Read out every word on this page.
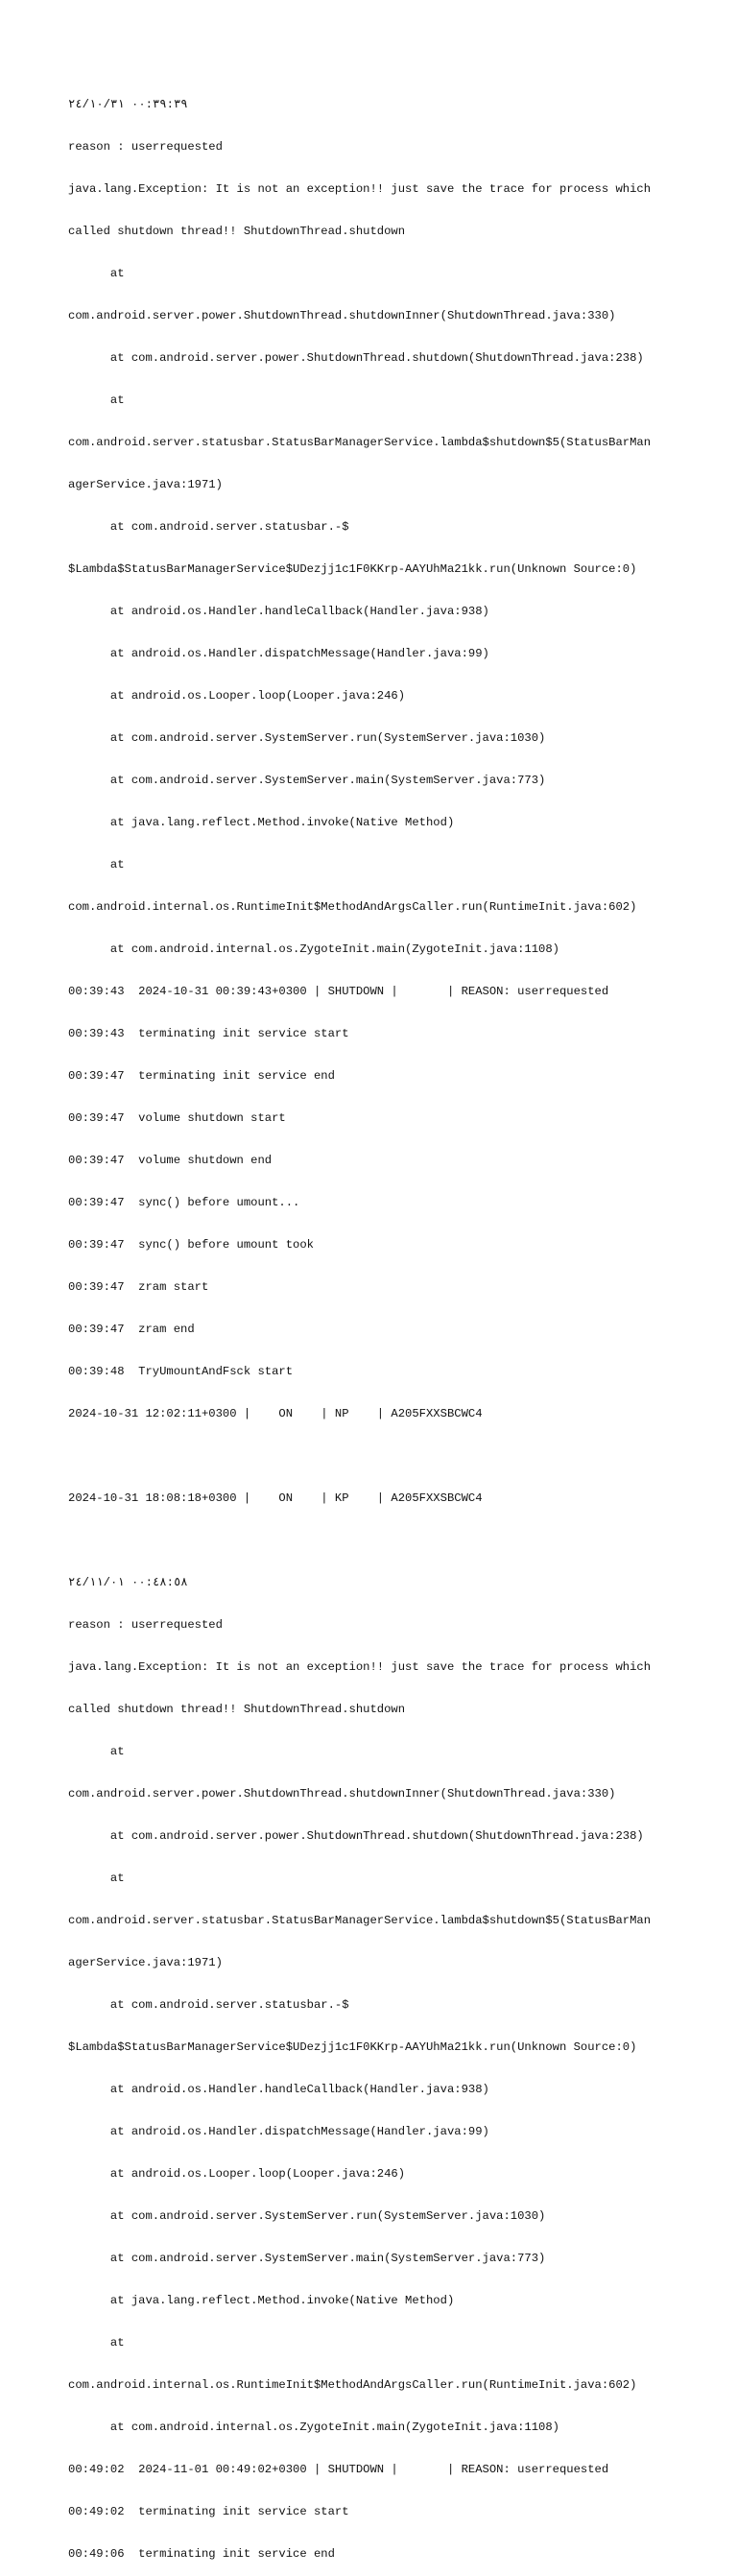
٠٠:٣٩:٣٩ ٢٤/١٠/٣١

reason : userrequested

java.lang.Exception: It is not an exception!! just save the trace for process which

called shutdown thread!! ShutdownThread.shutdown

at

com.android.server.power.ShutdownThread.shutdownInner(ShutdownThread.java:330)

at com.android.server.power.ShutdownThread.shutdown(ShutdownThread.java:238)

at

com.android.server.statusbar.StatusBarManagerService.lambda$shutdown$5(StatusBarMan

agerService.java:1971)

at com.android.server.statusbar.-$

$Lambda$StatusBarManagerService$UDezjj1c1F0KKrp-AAYUhMa21kk.run(Unknown Source:0)

at android.os.Handler.handleCallback(Handler.java:938)

at android.os.Handler.dispatchMessage(Handler.java:99)

at android.os.Looper.loop(Looper.java:246)

at com.android.server.SystemServer.run(SystemServer.java:1030)

at com.android.server.SystemServer.main(SystemServer.java:773)

at java.lang.reflect.Method.invoke(Native Method)

at

com.android.internal.os.RuntimeInit$MethodAndArgsCaller.run(RuntimeInit.java:602)

at com.android.internal.os.ZygoteInit.main(ZygoteInit.java:1108)

00:39:43  2024-10-31 00:39:43+0300 | SHUTDOWN |       | REASON: userrequested

00:39:43  terminating init service start

00:39:47  terminating init service end

00:39:47  volume shutdown start

00:39:47  volume shutdown end

00:39:47  sync() before umount...

00:39:47  sync() before umount took

00:39:47  zram start

00:39:47  zram end

00:39:48  TryUmountAndFsck start

2024-10-31 12:02:11+0300 |    ON    | NP    | A205FXXSBCWC4

2024-10-31 18:08:18+0300 |    ON    | KP    | A205FXXSBCWC4

٠٠:٤٨:٥٨ ٢٤/١١/٠١

reason : userrequested

java.lang.Exception: It is not an exception!! just save the trace for process which

called shutdown thread!! ShutdownThread.shutdown

at

com.android.server.power.ShutdownThread.shutdownInner(ShutdownThread.java:330)

at com.android.server.power.ShutdownThread.shutdown(ShutdownThread.java:238)

at

com.android.server.statusbar.StatusBarManagerService.lambda$shutdown$5(StatusBarMan

agerService.java:1971)

at com.android.server.statusbar.-$

$Lambda$StatusBarManagerService$UDezjj1c1F0KKrp-AAYUhMa21kk.run(Unknown Source:0)

at android.os.Handler.handleCallback(Handler.java:938)

at android.os.Handler.dispatchMessage(Handler.java:99)

at android.os.Looper.loop(Looper.java:246)

at com.android.server.SystemServer.run(SystemServer.java:1030)

at com.android.server.SystemServer.main(SystemServer.java:773)

at java.lang.reflect.Method.invoke(Native Method)

at

com.android.internal.os.RuntimeInit$MethodAndArgsCaller.run(RuntimeInit.java:602)

at com.android.internal.os.ZygoteInit.main(ZygoteInit.java:1108)

00:49:02  2024-11-01 00:49:02+0300 | SHUTDOWN |       | REASON: userrequested

00:49:02  terminating init service start

00:49:06  terminating init service end
